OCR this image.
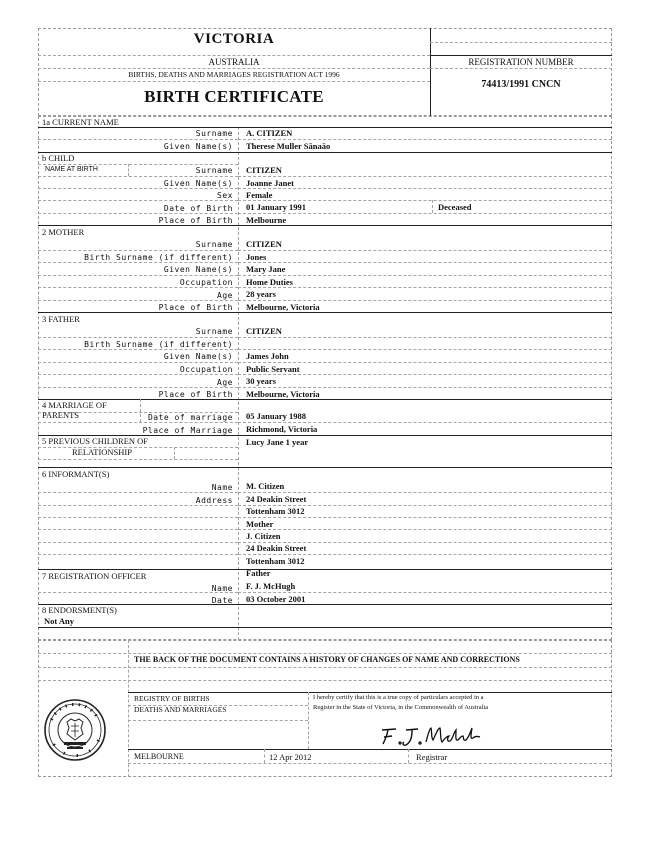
VICTORIA
AUSTRALIA
BIRTHS, DEATHS AND MARRIAGES REGISTRATION ACT 1996
BIRTH CERTIFICATE
REGISTRATION NUMBER
74413/1991 CNCN
1a CURRENT NAME
Surname A. CITIZEN
Given Name(s) Therese Muller Sānaāo
b CHILD
NAME AT BIRTH	Surname CITIZEN
Given Name(s) Joanne Janet
Sex Female
Date of Birth 01 January 1991	Deceased
Place of Birth Melbourne
2 MOTHER
Surname CITIZEN
Birth Surname (if different) Jones
Given Name(s) Mary Jane
Occupation Home Duties
Age 28 years
Place of Birth Melbourne, Victoria
3 FATHER
Surname CITIZEN
Birth Surname (if different)
Given Name(s) James John
Occupation Public Servant
Age 30 years
Place of Birth Melbourne, Victoria
4 MARRIAGE OF
PARENTS	Date of marriage 05 January 1988
Place of Marriage Richmond, Victoria
5 PREVIOUS CHILDREN OF
RELATIONSHIP
Lucy Jane 1 year
6 INFORMANT(S)
Name M. Citizen
Address 24 Deakin Street
Tottenham 3012
Mother
J. Citizen
24 Deakin Street
Tottenham 3012
Father
7 REGISTRATION OFFICER
Name F. J. McHugh
Date 03 October 2001
8 ENDORSMENT(S)
Not Any
THE BACK OF THE DOCUMENT CONTAINS A HISTORY OF CHANGES OF NAME AND CORRECTIONS
REGISTRY OF BIRTHS
DEATHS AND MARRIAGES
I hereby certify that this is a true copy of particulars accepted in a
Register in the State of Victoria, in the Commonwealth of Australia
MELBOURNE	12 Apr 2012	Registrar
